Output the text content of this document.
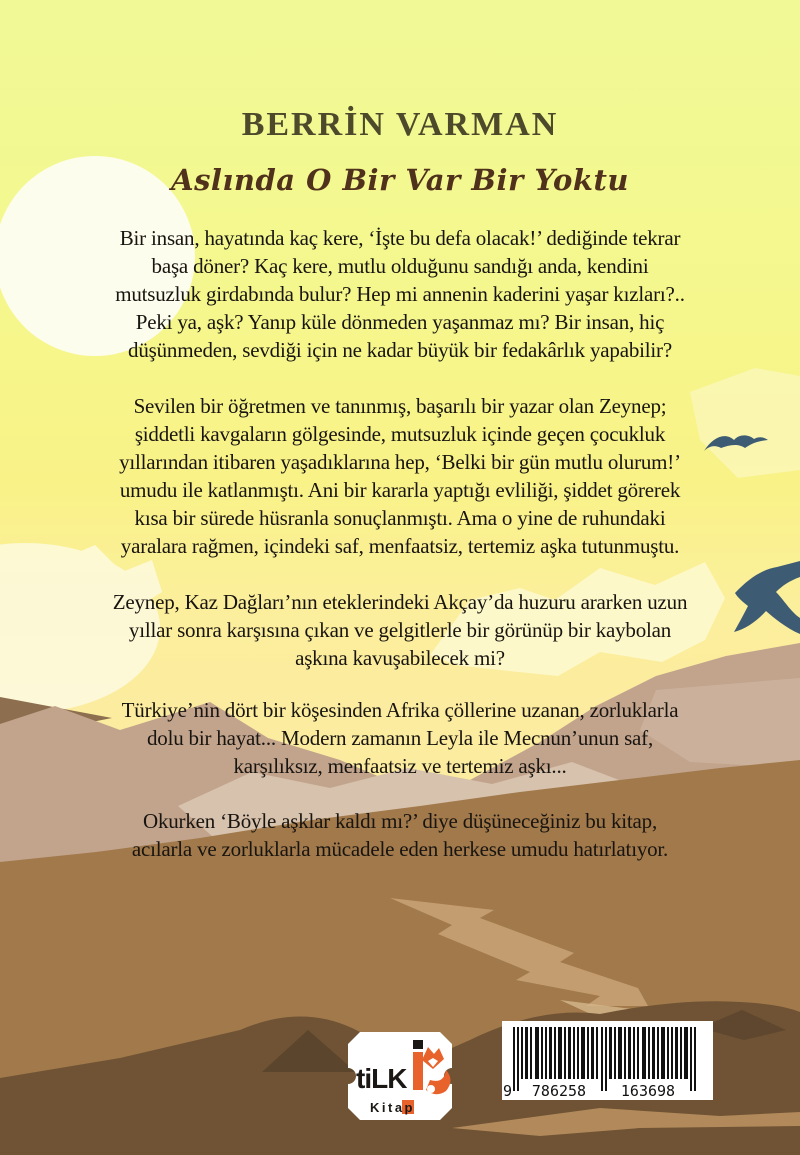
BERRİN VARMAN
Aslında O Bir Var Bir Yoktu
Bir insan, hayatında kaç kere, ‘İşte bu defa olacak!’ dediğinde tekrar
başa döner? Kaç kere, mutlu olduğunu sandığı anda, kendini
mutsuzluk girdabında bulur? Hep mi annenin kaderini yaşar kızları?..
Peki ya, aşk? Yanıp küle dönmeden yaşanmaz mı? Bir insan, hiç
düşünmeden, sevdiği için ne kadar büyük bir fedakârlık yapabilir?
Sevilen bir öğretmen ve tanınmış, başarılı bir yazar olan Zeynep;
şiddetli kavgaların gölgesinde, mutsuzluk içinde geçen çocukluk
yıllarından itibaren yaşadıklarına hep, ‘Belki bir gün mutlu olurum!’
umudu ile katlanmıştı. Ani bir kararla yaptığı evliliği, şiddet görerek
kısa bir sürede hüsranla sonuçlanmıştı. Ama o yine de ruhundaki
yaralara rağmen, içindeki saf, menfaatsiz, tertemiz aşka tutunmuştu.
Zeynep, Kaz Dağları’nın eteklerindeki Akçay’da huzuru ararken uzun
yıllar sonra karşısına çıkan ve gelgitlerle bir görünüp bir kaybolan
aşkına kavuşabilecek mi?
Türkiye’nin dört bir köşesinden Afrika çöllerine uzanan, zorluklarla
dolu bir hayat... Modern zamanın Leyla ile Mecnun’unun saf,
karşılıksız, menfaatsiz ve tertemiz aşkı...
Okurken ‘Böyle aşklar kaldı mı?’ diye düşüneceğiniz bu kitap,
acılarla ve zorluklarla mücadele eden herkese umudu hatırlatıyor.
tiLK
Kitap
9 786258 163698
